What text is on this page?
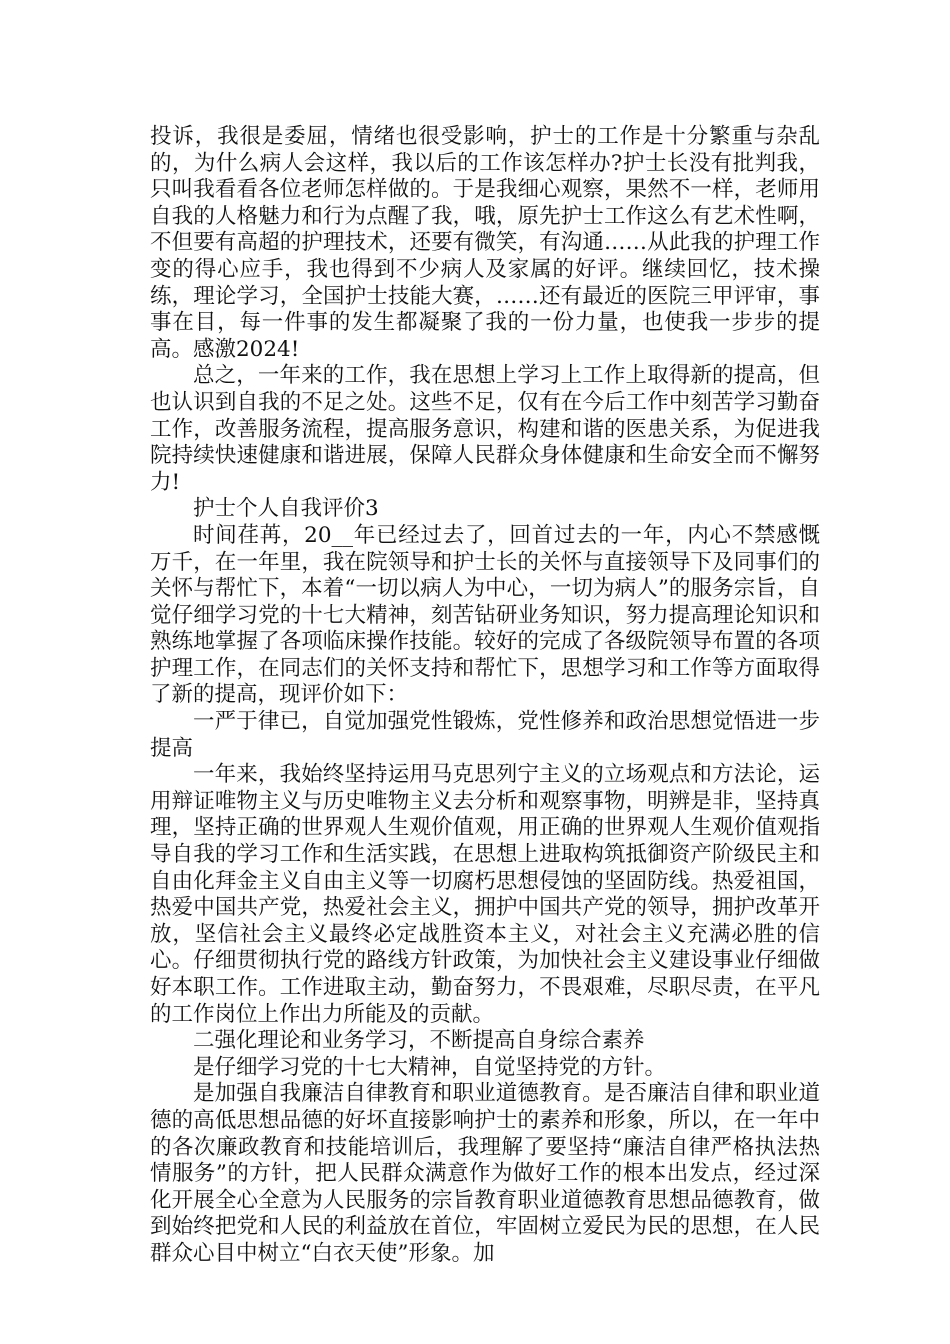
投诉，我很是委屈，情绪也很受影响，护士的工作是十分繁重与杂乱的，为什么病人会这样，我以后的工作该怎样办?护士长没有批判我，只叫我看看各位老师怎样做的。于是我细心观察，果然不一样，老师用自我的人格魅力和行为点醒了我，哦，原先护士工作这么有艺术性啊，不但要有高超的护理技术，还要有微笑，有沟通……从此我的护理工作变的得心应手，我也得到不少病人及家属的好评。继续回忆，技术操练，理论学习，全国护士技能大赛，……还有最近的医院三甲评审，事事在目，每一件事的发生都凝聚了我的一份力量，也使我一步步的提高。感激2024!

总之，一年来的工作，我在思想上学习上工作上取得新的提高，但也认识到自我的不足之处。这些不足，仅有在今后工作中刻苦学习勤奋工作，改善服务流程，提高服务意识，构建和谐的医患关系，为促进我院持续快速健康和谐进展，保障人民群众身体健康和生命安全而不懈努力!

护士个人自我评价3

时间荏苒，20__年已经过去了，回首过去的一年，内心不禁感慨万千，在一年里，我在院领导和护士长的关怀与直接领导下及同事们的关怀与帮忙下，本着“一切以病人为中心，一切为病人”的服务宗旨，自觉仔细学习党的十七大精神，刻苦钻研业务知识，努力提高理论知识和熟练地掌握了各项临床操作技能。较好的完成了各级院领导布置的各项护理工作，在同志们的关怀支持和帮忙下，思想学习和工作等方面取得了新的提高，现评价如下：

一严于律已，自觉加强党性锻炼，党性修养和政治思想觉悟进一步提高

一年来，我始终坚持运用马克思列宁主义的立场观点和方法论，运用辩证唯物主义与历史唯物主义去分析和观察事物，明辨是非，坚持真理，坚持正确的世界观人生观价值观，用正确的世界观人生观价值观指导自我的学习工作和生活实践，在思想上进取构筑抵御资产阶级民主和自由化拜金主义自由主义等一切腐朽思想侵蚀的坚固防线。热爱祖国，热爱中国共产党，热爱社会主义，拥护中国共产党的领导，拥护改革开放，坚信社会主义最终必定战胜资本主义，对社会主义充满必胜的信心。仔细贯彻执行党的路线方针政策，为加快社会主义建设事业仔细做好本职工作。工作进取主动，勤奋努力，不畏艰难，尽职尽责，在平凡的工作岗位上作出力所能及的贡献。

二强化理论和业务学习，不断提高自身综合素养

是仔细学习党的十七大精神，自觉坚持党的方针。

是加强自我廉洁自律教育和职业道德教育。是否廉洁自律和职业道德的高低思想品德的好坏直接影响护士的素养和形象，所以，在一年中的各次廉政教育和技能培训后，我理解了要坚持“廉洁自律严格执法热情服务”的方针，把人民群众满意作为做好工作的根本出发点，经过深化开展全心全意为人民服务的宗旨教育职业道德教育思想品德教育，做到始终把党和人民的利益放在首位，牢固树立爱民为民的思想，在人民群众心目中树立“白衣天使”形象。加
